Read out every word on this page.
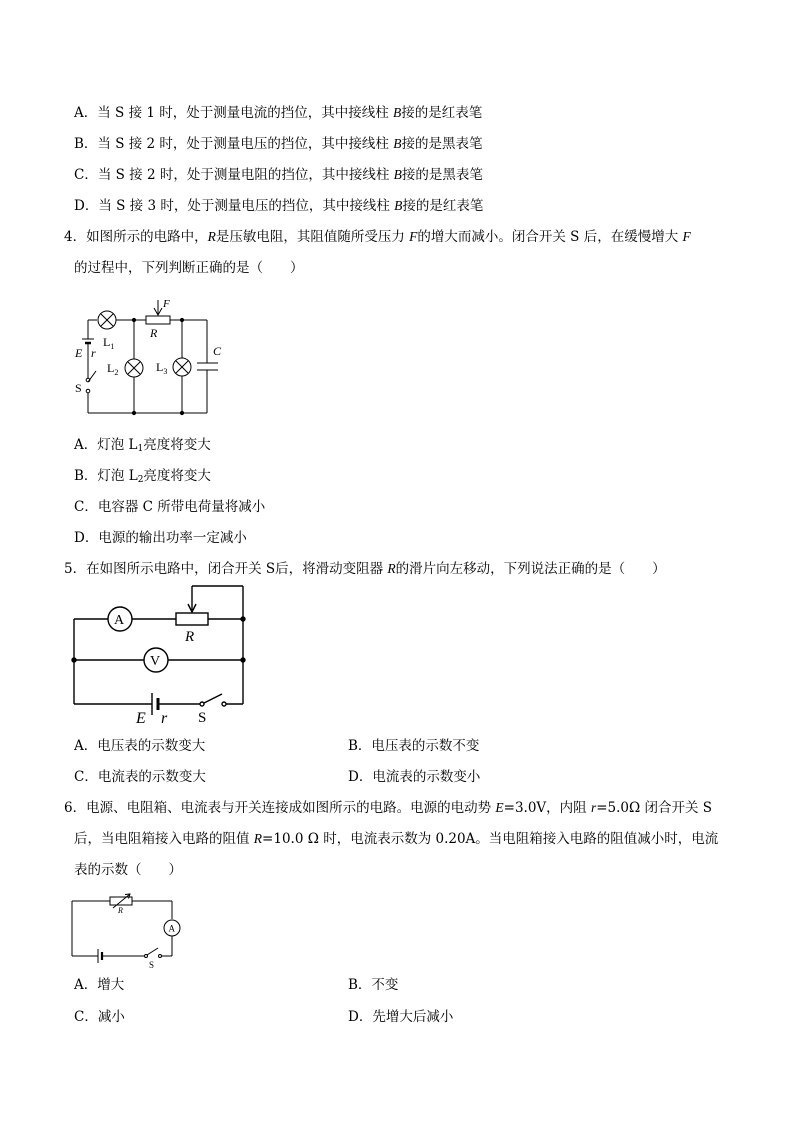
A．当 S 接 1 时，处于测量电流的挡位，其中接线柱 B接的是红表笔
B．当 S 接 2 时，处于测量电压的挡位，其中接线柱 B接的是黑表笔
C．当 S 接 2 时，处于测量电阻的挡位，其中接线柱 B接的是黑表笔
D．当 S 接 3 时，处于测量电压的挡位，其中接线柱 B接的是红表笔
4．如图所示的电路中，R是压敏电阻，其阻值随所受压力 F的增大而减小。闭合开关 S 后，在缓慢增大 F
的过程中，下列判断正确的是（　　）
F
R
E r
S
$L_1$
$L_2$	$L_3$
C
A．灯泡 $L_1$亮度将变大
B．灯泡 $L_2$亮度将变大
C．电容器 C 所带电荷量将减小
D．电源的输出功率一定减小
5．在如图所示电路中，闭合开关 S后，将滑动变阻器 R的滑片向左移动，下列说法正确的是（　　）
A
R
V
E r S
A．电压表的示数变大	B．电压表的示数不变
C．电流表的示数变大	D．电流表的示数变小
6．电源、电阻箱、电流表与开关连接成如图所示的电路。电源的电动势 E=3.0V，内阻 r=5.0Ω 闭合开关 S
后，当电阻箱接入电路的阻值 R=10.0 Ω 时，电流表示数为 0.20A。当电阻箱接入电路的阻值减小时，电流
表的示数（　　）
R
A
S
A．增大	B．不变
C．减小	D．先增大后减小
